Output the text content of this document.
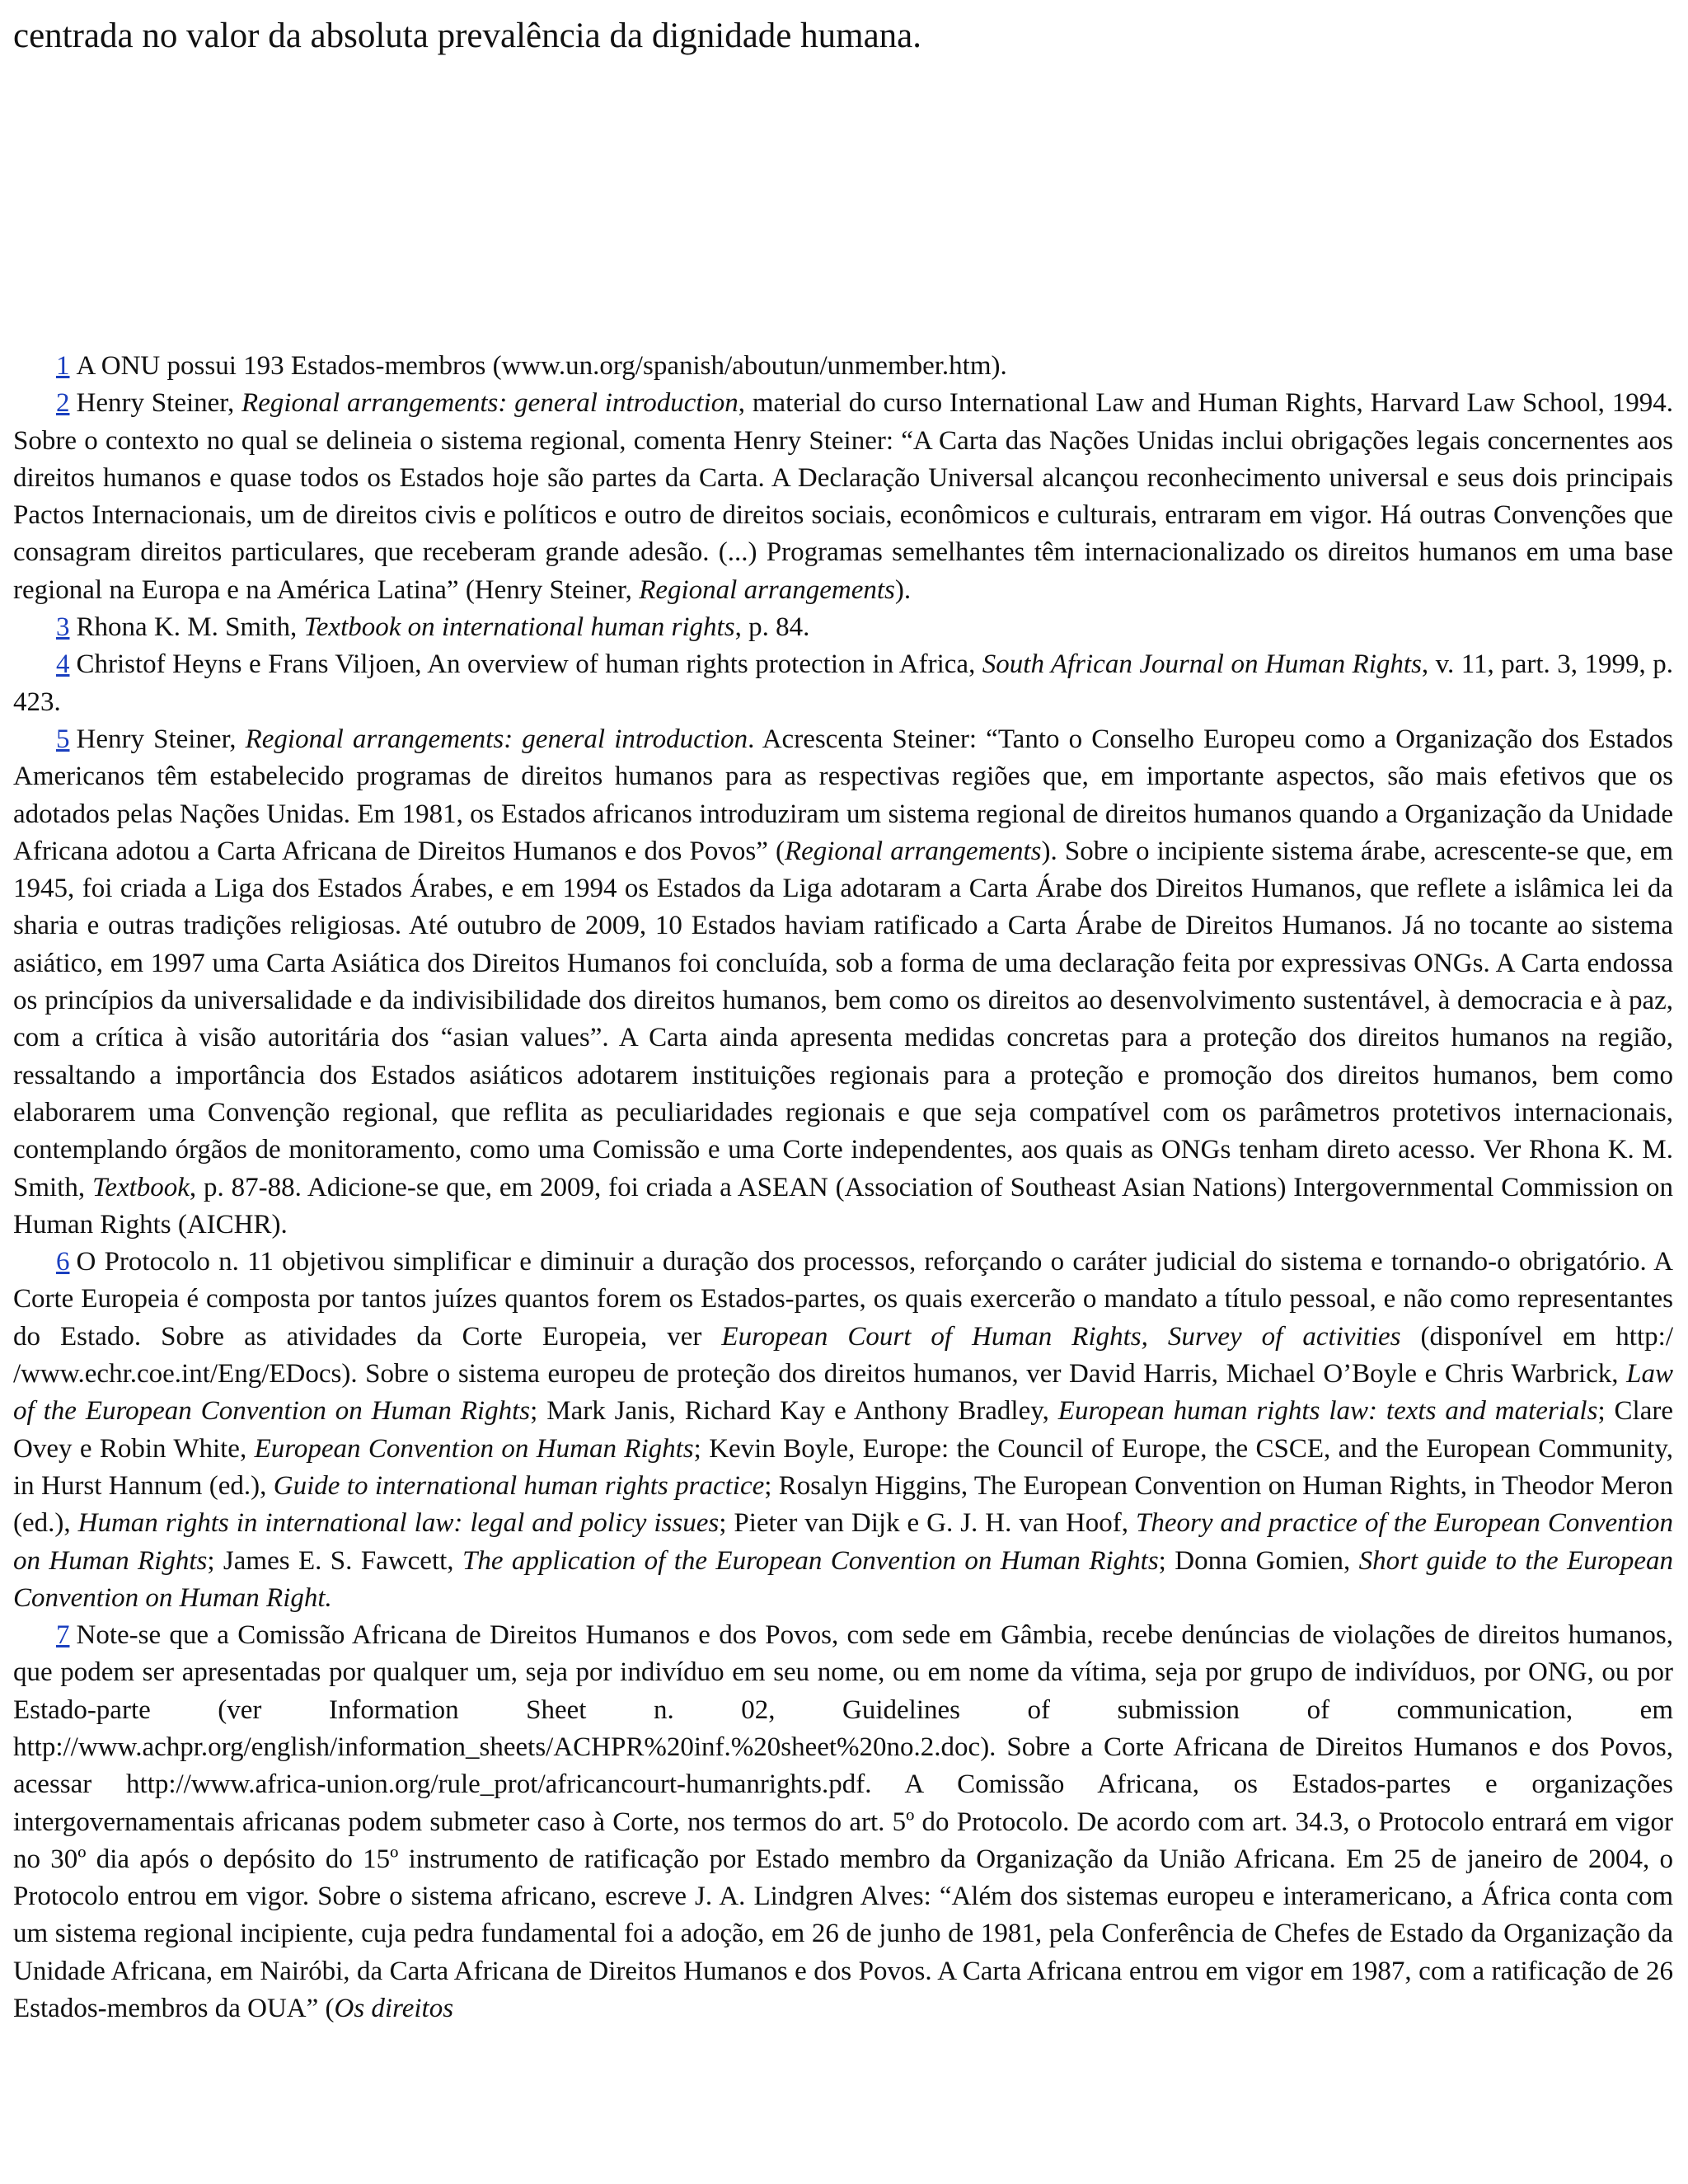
centrada no valor da absoluta prevalência da dignidade humana.

1 A ONU possui 193 Estados-membros (www.un.org/spanish/aboutun/unmember.htm).

2 Henry Steiner, Regional arrangements: general introduction, material do curso International Law and Human Rights, Harvard Law School, 1994. Sobre o contexto no qual se delineia o sistema regional, comenta Henry Steiner: “A Carta das Nações Unidas inclui obrigações legais concernentes aos direitos humanos e quase todos os Estados hoje são partes da Carta. A Declaração Universal alcançou reconhecimento universal e seus dois principais Pactos Internacionais, um de direitos civis e políticos e outro de direitos sociais, econômicos e culturais, entraram em vigor. Há outras Convenções que consagram direitos particulares, que receberam grande adesão. (...) Programas semelhantes têm internacionalizado os direitos humanos em uma base regional na Europa e na América Latina” (Henry Steiner, Regional arrangements).

3 Rhona K. M. Smith, Textbook on international human rights, p. 84.

4 Christof Heyns e Frans Viljoen, An overview of human rights protection in Africa, South African Journal on Human Rights, v. 11, part. 3, 1999, p. 423.

5 Henry Steiner, Regional arrangements: general introduction. Acrescenta Steiner: “Tanto o Conselho Europeu como a Organização dos Estados Americanos têm estabelecido programas de direitos humanos para as respectivas regiões que, em importante aspectos, são mais efetivos que os adotados pelas Nações Unidas. Em 1981, os Estados africanos introduziram um sistema regional de direitos humanos quando a Organização da Unidade Africana adotou a Carta Africana de Direitos Humanos e dos Povos” (Regional arrangements). Sobre o incipiente sistema árabe, acrescente-se que, em 1945, foi criada a Liga dos Estados Árabes, e em 1994 os Estados da Liga adotaram a Carta Árabe dos Direitos Humanos, que reflete a islâmica lei da sharia e outras tradições religiosas. Até outubro de 2009, 10 Estados haviam ratificado a Carta Árabe de Direitos Humanos. Já no tocante ao sistema asiático, em 1997 uma Carta Asiática dos Direitos Humanos foi concluída, sob a forma de uma declaração feita por expressivas ONGs. A Carta endossa os princípios da universalidade e da indivisibilidade dos direitos humanos, bem como os direitos ao desenvolvimento sustentável, à democracia e à paz, com a crítica à visão autoritária dos “asian values”. A Carta ainda apresenta medidas concretas para a proteção dos direitos humanos na região, ressaltando a importância dos Estados asiáticos adotarem instituições regionais para a proteção e promoção dos direitos humanos, bem como elaborarem uma Convenção regional, que reflita as peculiaridades regionais e que seja compatível com os parâmetros protetivos internacionais, contemplando órgãos de monitoramento, como uma Comissão e uma Corte independentes, aos quais as ONGs tenham direto acesso. Ver Rhona K. M. Smith, Textbook, p. 87-88. Adicione-se que, em 2009, foi criada a ASEAN (Association of Southeast Asian Nations) Intergovernmental Commission on Human Rights (AICHR).

6 O Protocolo n. 11 objetivou simplificar e diminuir a duração dos processos, reforçando o caráter judicial do sistema e tornando-o obrigatório. A Corte Europeia é composta por tantos juízes quantos forem os Estados-partes, os quais exercerão o mandato a título pessoal, e não como representantes do Estado. Sobre as atividades da Corte Europeia, ver European Court of Human Rights, Survey of activities (disponível em http:/ /www.echr.coe.int/Eng/EDocs). Sobre o sistema europeu de proteção dos direitos humanos, ver David Harris, Michael O’Boyle e Chris Warbrick, Law of the European Convention on Human Rights; Mark Janis, Richard Kay e Anthony Bradley, European human rights law: texts and materials; Clare Ovey e Robin White, European Convention on Human Rights; Kevin Boyle, Europe: the Council of Europe, the CSCE, and the European Community, in Hurst Hannum (ed.), Guide to international human rights practice; Rosalyn Higgins, The European Convention on Human Rights, in Theodor Meron (ed.), Human rights in international law: legal and policy issues; Pieter van Dijk e G. J. H. van Hoof, Theory and practice of the European Convention on Human Rights; James E. S. Fawcett, The application of the European Convention on Human Rights; Donna Gomien, Short guide to the European Convention on Human Right.

7 Note-se que a Comissão Africana de Direitos Humanos e dos Povos, com sede em Gâmbia, recebe denúncias de violações de direitos humanos, que podem ser apresentadas por qualquer um, seja por indivíduo em seu nome, ou em nome da vítima, seja por grupo de indivíduos, por ONG, ou por Estado-parte (ver Information Sheet n. 02, Guidelines of submission of communication, em http://www.achpr.org/english/information_sheets/ACHPR%20inf.%20sheet%20no.2.doc). Sobre a Corte Africana de Direitos Humanos e dos Povos, acessar http://www.africa-union.org/rule_prot/africancourt-humanrights.pdf. A Comissão Africana, os Estados-partes e organizações intergovernamentais africanas podem submeter caso à Corte, nos termos do art. 5º do Protocolo. De acordo com art. 34.3, o Protocolo entrará em vigor no 30º dia após o depósito do 15º instrumento de ratificação por Estado membro da Organização da União Africana. Em 25 de janeiro de 2004, o Protocolo entrou em vigor. Sobre o sistema africano, escreve J. A. Lindgren Alves: “Além dos sistemas europeu e interamericano, a África conta com um sistema regional incipiente, cuja pedra fundamental foi a adoção, em 26 de junho de 1981, pela Conferência de Chefes de Estado da Organização da Unidade Africana, em Nairóbi, da Carta Africana de Direitos Humanos e dos Povos. A Carta Africana entrou em vigor em 1987, com a ratificação de 26 Estados-membros da OUA” (Os direitos
